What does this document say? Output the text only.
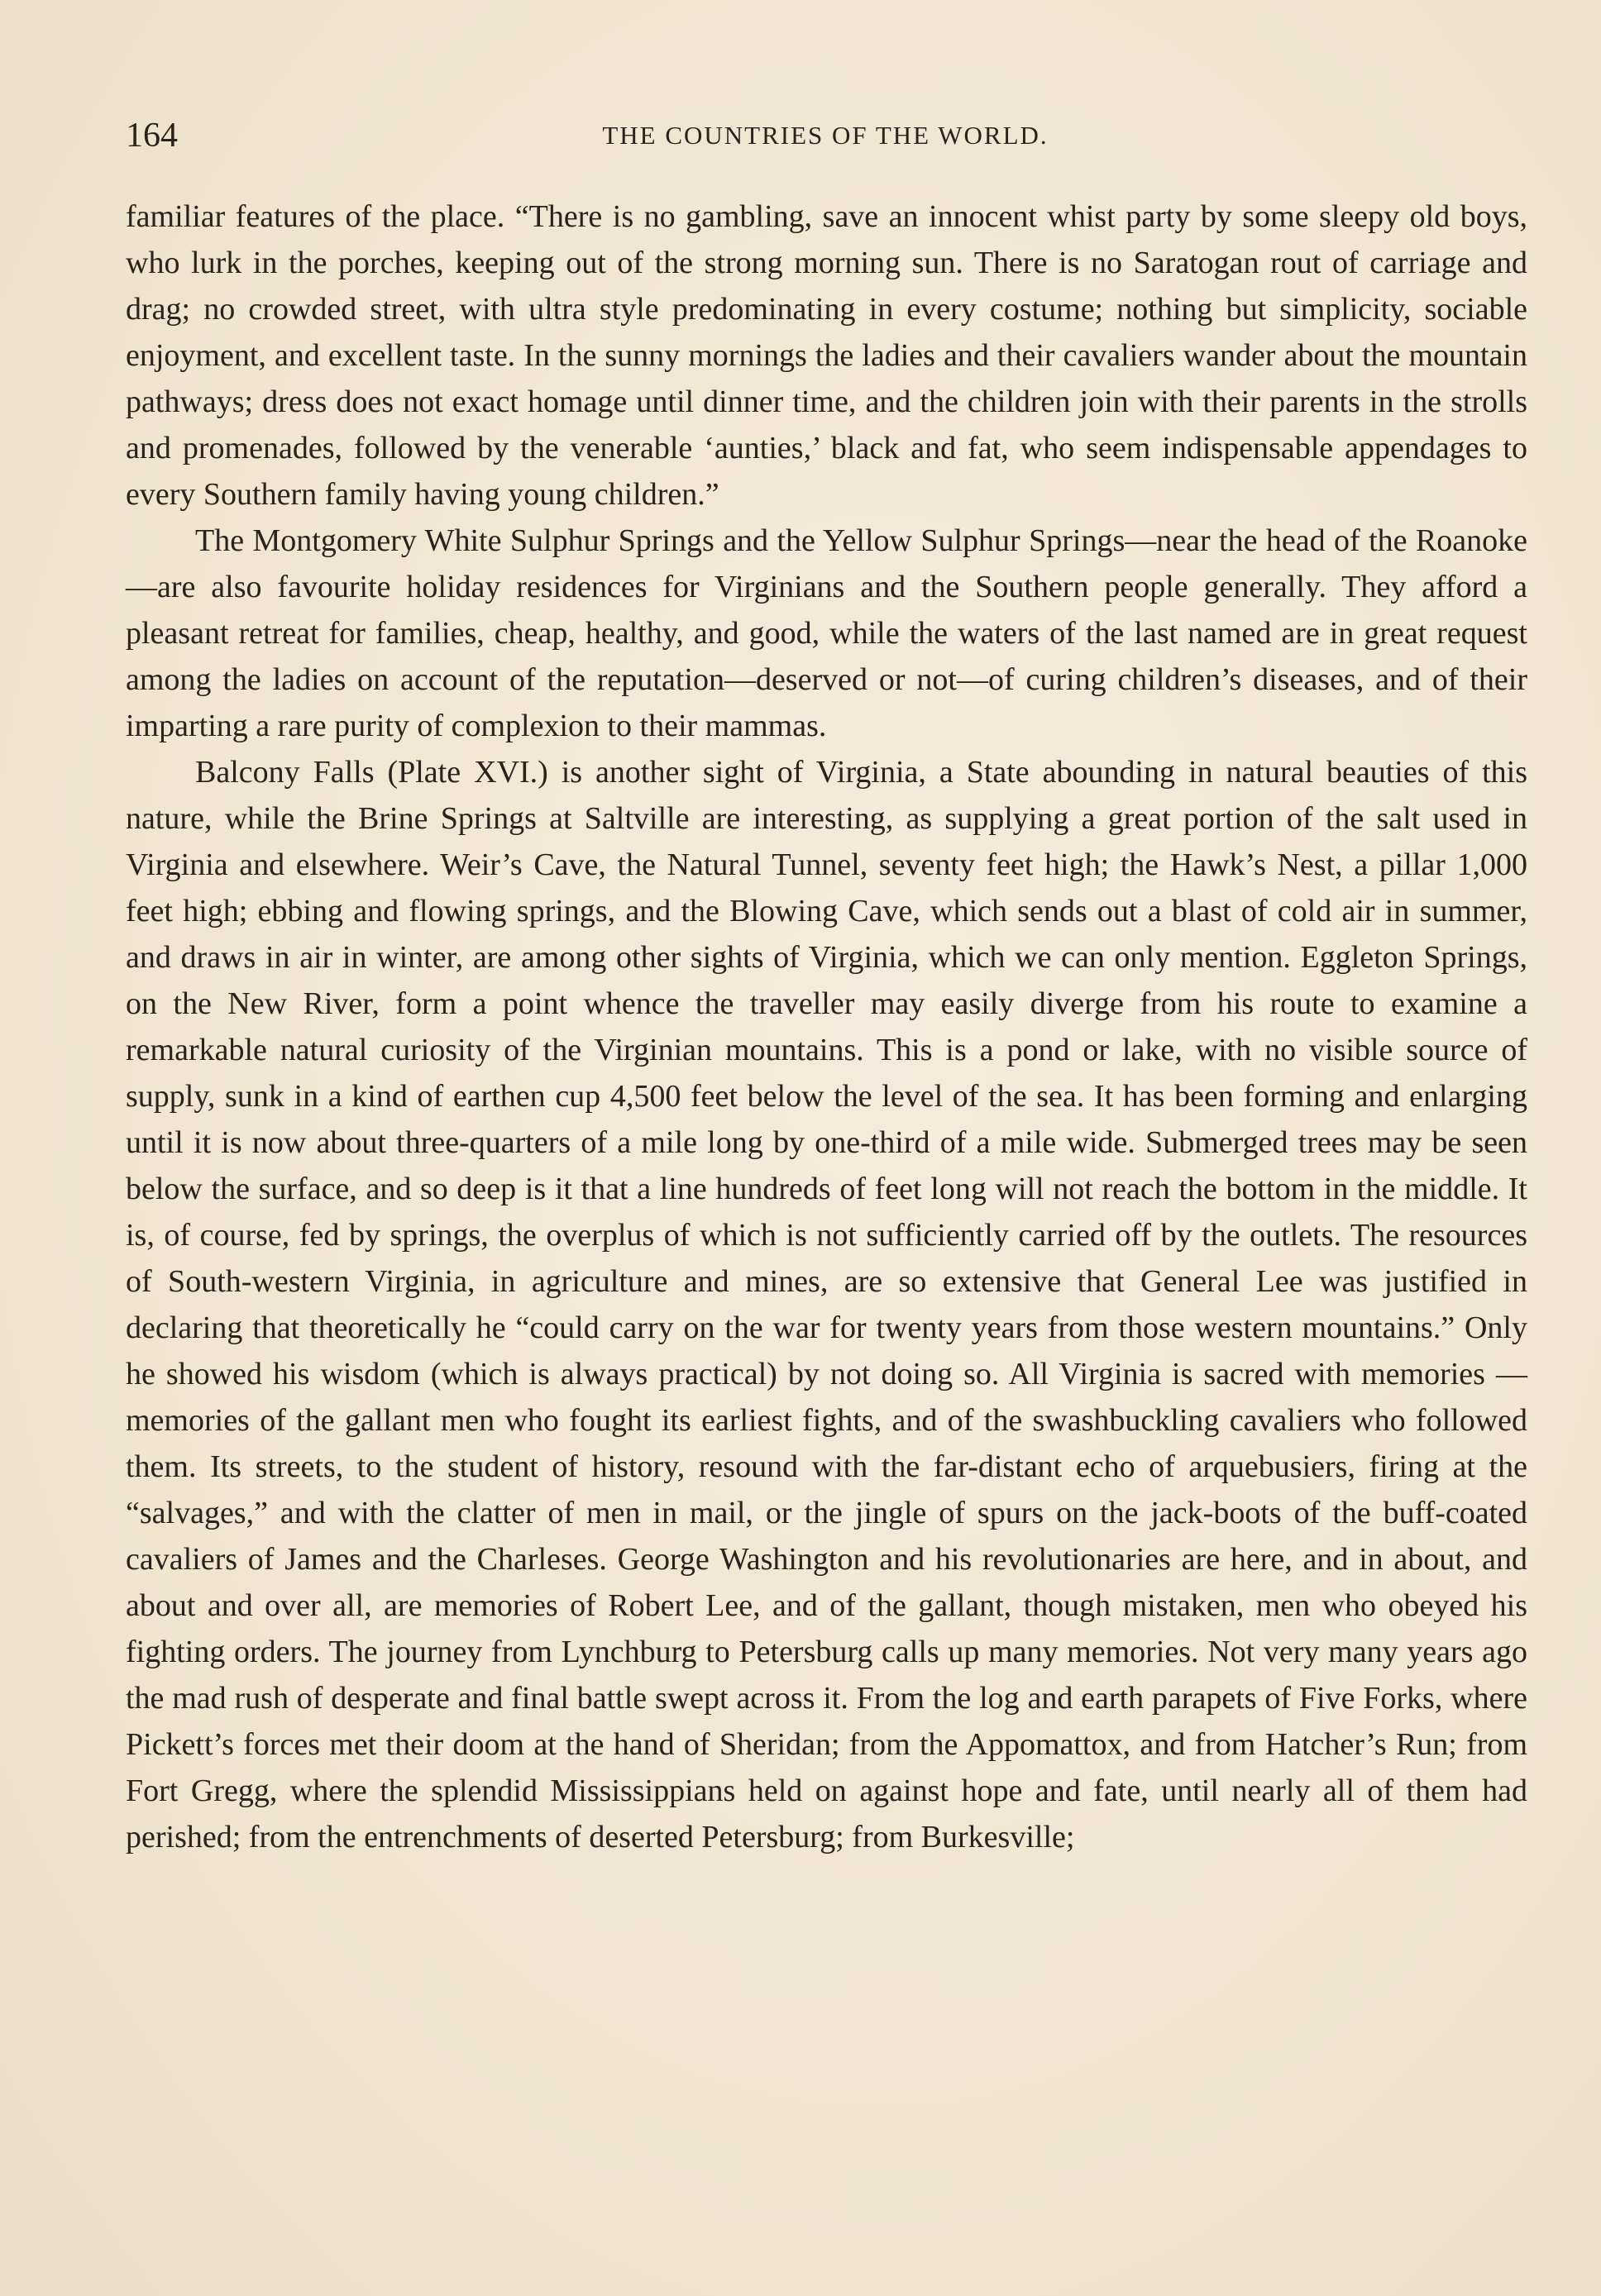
164	THE COUNTRIES OF THE WORLD.

familiar features of the place. “There is no gambling, save an innocent whist party by some sleepy old boys, who lurk in the porches, keeping out of the strong morning sun. There is no Saratogan rout of carriage and drag; no crowded street, with ultra style predominating in every costume; nothing but simplicity, sociable enjoyment, and excellent taste. In the sunny mornings the ladies and their cavaliers wander about the mountain pathways; dress does not exact homage until dinner time, and the children join with their parents in the strolls and promenades, followed by the venerable ‘aunties,’ black and fat, who seem indispensable appendages to every Southern family having young children.”

The Montgomery White Sulphur Springs and the Yellow Sulphur Springs—near the head of the Roanoke—are also favourite holiday residences for Virginians and the Southern people generally. They afford a pleasant retreat for families, cheap, healthy, and good, while the waters of the last named are in great request among the ladies on account of the reputation—deserved or not—of curing children’s diseases, and of their imparting a rare purity of complexion to their mammas.

Balcony Falls (Plate XVI.) is another sight of Virginia, a State abounding in natural beauties of this nature, while the Brine Springs at Saltville are interesting, as supplying a great portion of the salt used in Virginia and elsewhere. Weir’s Cave, the Natural Tunnel, seventy feet high; the Hawk’s Nest, a pillar 1,000 feet high; ebbing and flowing springs, and the Blowing Cave, which sends out a blast of cold air in summer, and draws in air in winter, are among other sights of Virginia, which we can only mention. Eggleton Springs, on the New River, form a point whence the traveller may easily diverge from his route to examine a remarkable natural curiosity of the Virginian mountains. This is a pond or lake, with no visible source of supply, sunk in a kind of earthen cup 4,500 feet below the level of the sea. It has been forming and enlarging until it is now about three-quarters of a mile long by one-third of a mile wide. Submerged trees may be seen below the surface, and so deep is it that a line hundreds of feet long will not reach the bottom in the middle. It is, of course, fed by springs, the overplus of which is not sufficiently carried off by the outlets. The resources of South-western Virginia, in agriculture and mines, are so extensive that General Lee was justified in declaring that theoretically he “could carry on the war for twenty years from those western mountains.” Only he showed his wisdom (which is always practical) by not doing so. All Virginia is sacred with memories —memories of the gallant men who fought its earliest fights, and of the swashbuckling cavaliers who followed them. Its streets, to the student of history, resound with the far-distant echo of arquebusiers, firing at the “salvages,” and with the clatter of men in mail, or the jingle of spurs on the jack-boots of the buff-coated cavaliers of James and the Charleses. George Washington and his revolutionaries are here, and in about, and about and over all, are memories of Robert Lee, and of the gallant, though mistaken, men who obeyed his fighting orders. The journey from Lynchburg to Petersburg calls up many memories. Not very many years ago the mad rush of desperate and final battle swept across it. From the log and earth parapets of Five Forks, where Pickett’s forces met their doom at the hand of Sheridan; from the Appomattox, and from Hatcher’s Run; from Fort Gregg, where the splendid Mississippians held on against hope and fate, until nearly all of them had perished; from the entrenchments of deserted Petersburg; from Burkesville;
